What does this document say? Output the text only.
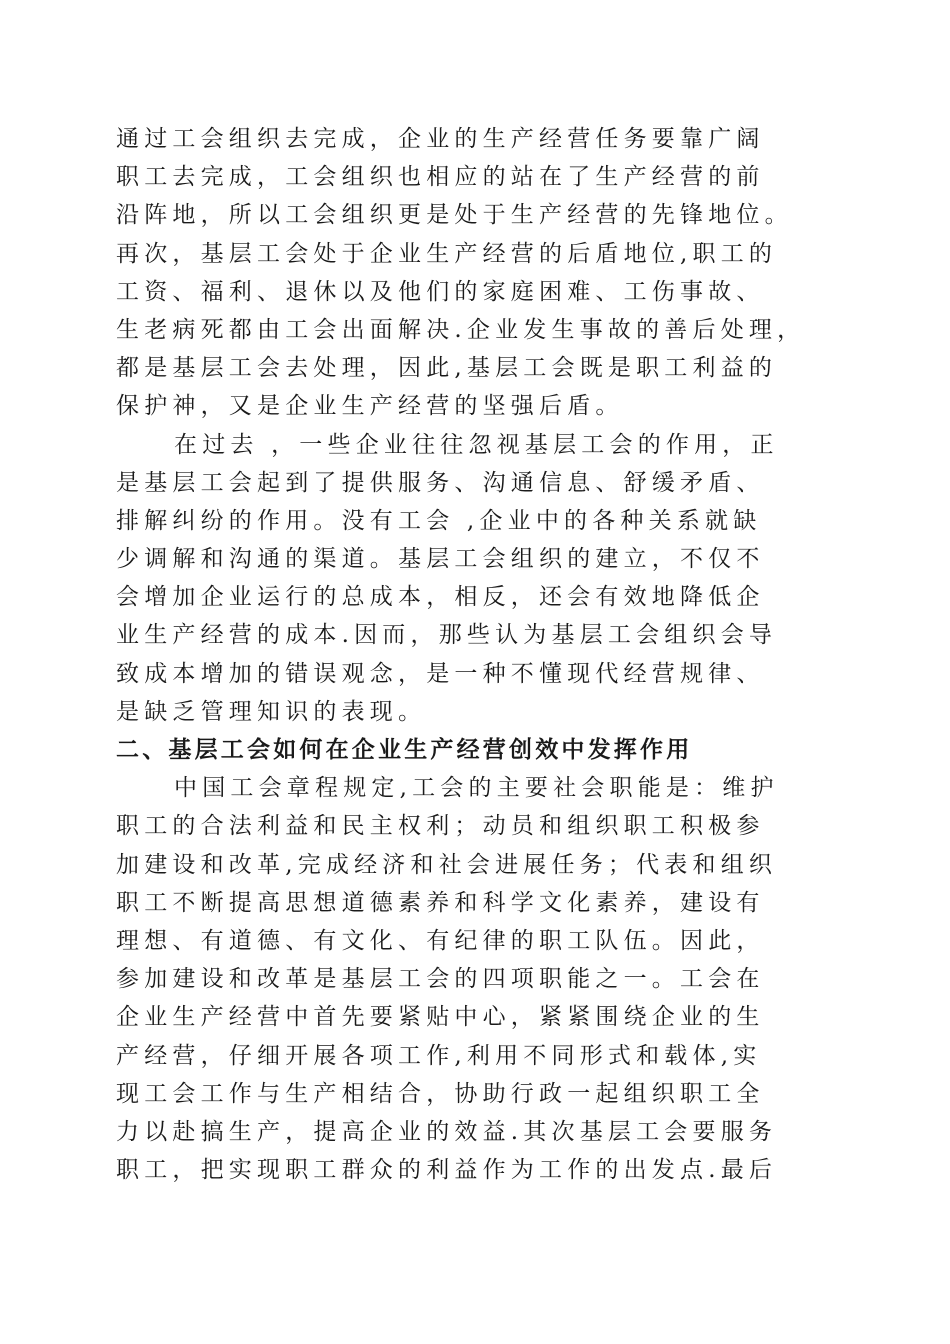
通过工会组织去完成，企业的生产经营任务要靠广阔
职工去完成，工会组织也相应的站在了生产经营的前
沿阵地，所以工会组织更是处于生产经营的先锋地位。
再次，基层工会处于企业生产经营的后盾地位,职工的
工资、福利、退休以及他们的家庭困难、工伤事故、
生老病死都由工会出面解决.企业发生事故的善后处理，
都是基层工会去处理，因此,基层工会既是职工利益的
保护神，又是企业生产经营的坚强后盾。
在过去 ，一些企业往往忽视基层工会的作用，正
是基层工会起到了提供服务、沟通信息、舒缓矛盾、
排解纠纷的作用。没有工会 ,企业中的各种关系就缺
少调解和沟通的渠道。基层工会组织的建立，不仅不
会增加企业运行的总成本，相反，还会有效地降低企
业生产经营的成本.因而，那些认为基层工会组织会导
致成本增加的错误观念，是一种不懂现代经营规律、
是缺乏管理知识的表现。
二、基层工会如何在企业生产经营创效中发挥作用
中国工会章程规定,工会的主要社会职能是：维护
职工的合法利益和民主权利；动员和组织职工积极参
加建设和改革,完成经济和社会进展任务；代表和组织
职工不断提高思想道德素养和科学文化素养，建设有
理想、有道德、有文化、有纪律的职工队伍。因此，
参加建设和改革是基层工会的四项职能之一。工会在
企业生产经营中首先要紧贴中心，紧紧围绕企业的生
产经营，仔细开展各项工作,利用不同形式和载体,实
现工会工作与生产相结合，协助行政一起组织职工全
力以赴搞生产，提高企业的效益.其次基层工会要服务
职工，把实现职工群众的利益作为工作的出发点.最后
